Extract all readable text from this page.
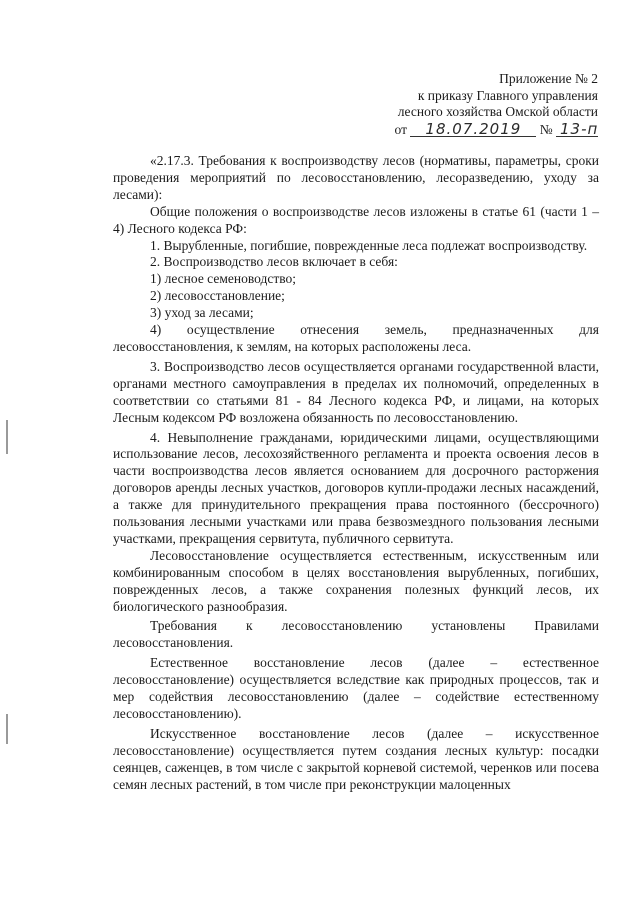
Приложение № 2
к приказу Главного управления
лесного хозяйства Омской области
от 18.07.2019 № 13-п

«2.17.3. Требования к воспроизводству лесов (нормативы, параметры, сроки проведения мероприятий по лесовосстановлению, лесоразведению, уходу за лесами):

Общие положения о воспроизводстве лесов изложены в статье 61 (части 1 – 4) Лесного кодекса РФ:

1. Вырубленные, погибшие, поврежденные леса подлежат воспроизводству.

2. Воспроизводство лесов включает в себя:

1) лесное семеноводство;

2) лесовосстановление;

3) уход за лесами;

4) осуществление отнесения земель, предназначенных для лесовосстановления, к землям, на которых расположены леса.

3. Воспроизводство лесов осуществляется органами государственной власти, органами местного самоуправления в пределах их полномочий, определенных в соответствии со статьями 81 - 84 Лесного кодекса РФ, и лицами, на которых Лесным кодексом РФ возложена обязанность по лесовосстановлению.

4. Невыполнение гражданами, юридическими лицами, осуществляющими использование лесов, лесохозяйственного регламента и проекта освоения лесов в части воспроизводства лесов является основанием для досрочного расторжения договоров аренды лесных участков, договоров купли-продажи лесных насаждений, а также для принудительного прекращения права постоянного (бессрочного) пользования лесными участками или права безвозмездного пользования лесными участками, прекращения сервитута, публичного сервитута.

Лесовосстановление осуществляется естественным, искусственным или комбинированным способом в целях восстановления вырубленных, погибших, поврежденных лесов, а также сохранения полезных функций лесов, их биологического разнообразия.

Требования к лесовосстановлению установлены Правилами лесовосстановления.

Естественное восстановление лесов (далее – естественное лесовосстановление) осуществляется вследствие как природных процессов, так и мер содействия лесовосстановлению (далее – содействие естественному лесовосстановлению).

Искусственное восстановление лесов (далее – искусственное лесовосстановление) осуществляется путем создания лесных культур: посадки сеянцев, саженцев, в том числе с закрытой корневой системой, черенков или посева семян лесных растений, в том числе при реконструкции малоценных
